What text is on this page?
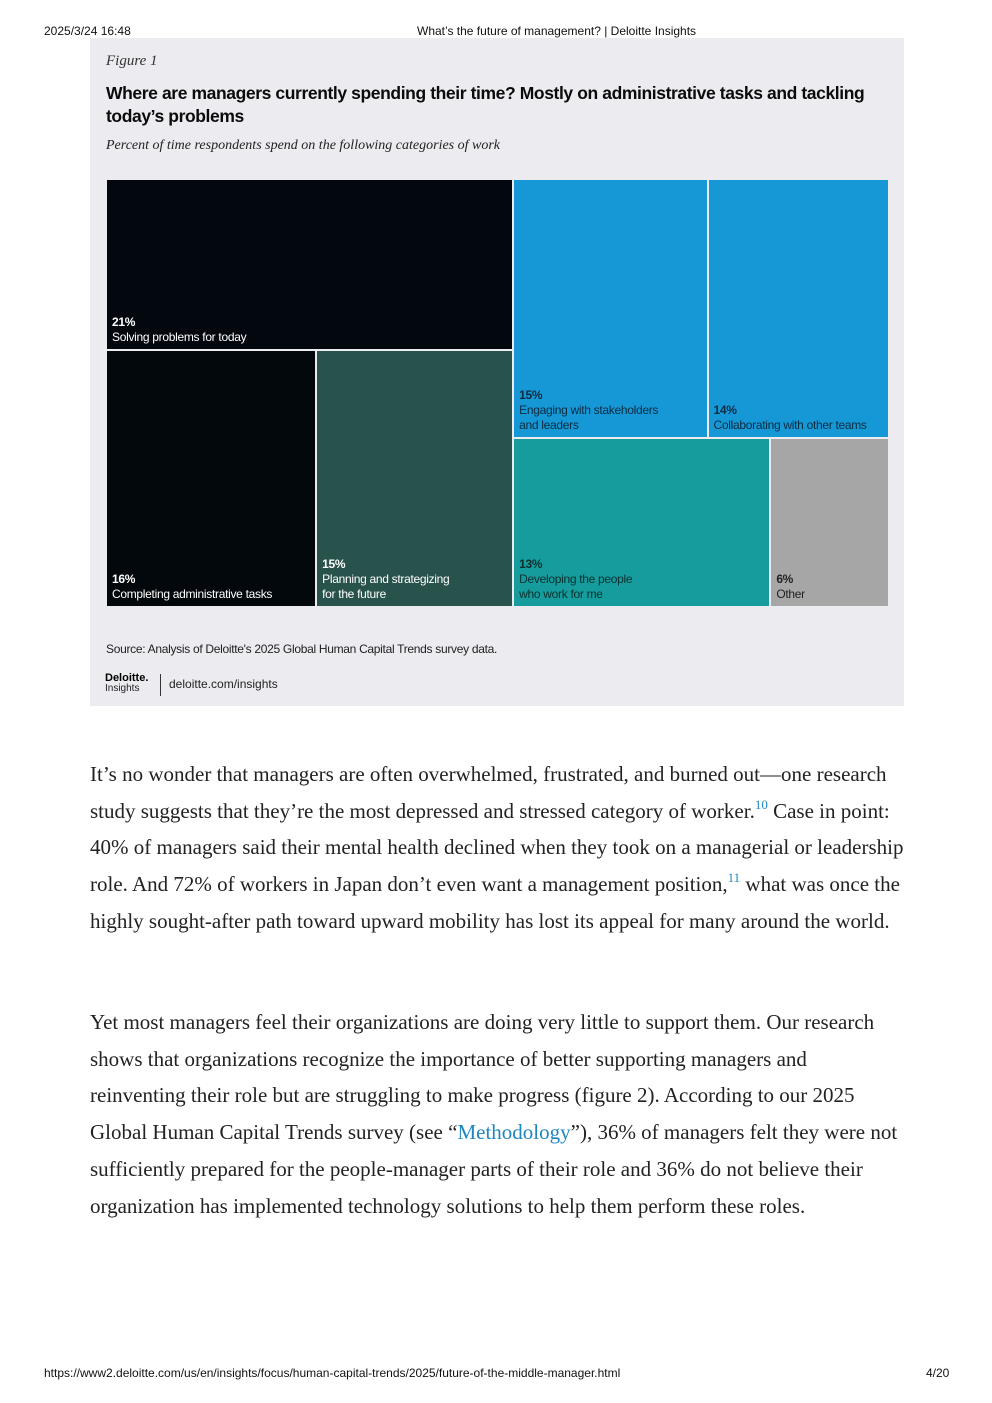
2025/3/24 16:48	What’s the future of management? | Deloitte Insights
Figure 1
Where are managers currently spending their time? Mostly on administrative tasks and tackling today’s problems
Percent of time respondents spend on the following categories of work
21%
Solving problems for today
16%
Completing administrative tasks
15%
Planning and strategizing
for the future
15%
Engaging with stakeholders
and leaders
14%
Collaborating with other teams
13%
Developing the people
who work for me
6%
Other
Source: Analysis of Deloitte's 2025 Global Human Capital Trends survey data.
Deloitte.
Insights	deloitte.com/insights
It’s no wonder that managers are often overwhelmed, frustrated, and burned out—one research study suggests that they’re the most depressed and stressed category of worker.$^{10}$ Case in point: 40% of managers said their mental health declined when they took on a managerial or leadership role. And 72% of workers in Japan don’t even want a management position,$^{11}$ what was once the highly sought-after path toward upward mobility has lost its appeal for many around the world.
Yet most managers feel their organizations are doing very little to support them. Our research shows that organizations recognize the importance of better supporting managers and reinventing their role but are struggling to make progress (figure 2). According to our 2025 Global Human Capital Trends survey (see “Methodology”), 36% of managers felt they were not sufficiently prepared for the people-manager parts of their role and 36% do not believe their organization has implemented technology solutions to help them perform these roles.
https://www2.deloitte.com/us/en/insights/focus/human-capital-trends/2025/future-of-the-middle-manager.html	4/20
